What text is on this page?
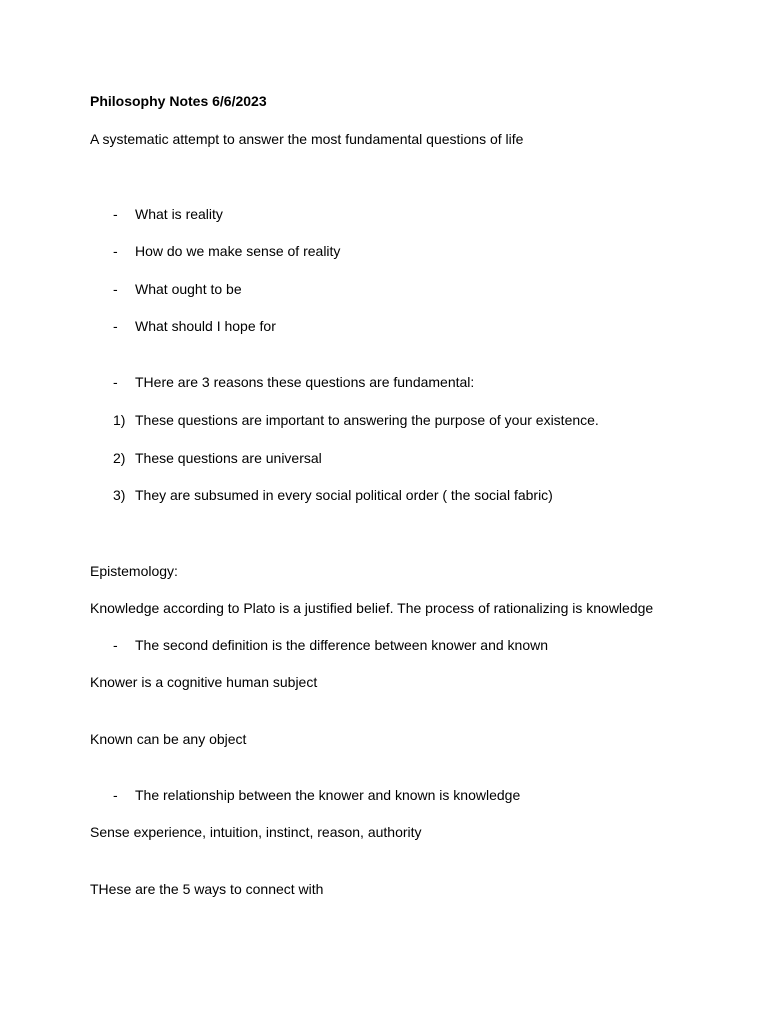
Philosophy Notes 6/6/2023
A systematic attempt to answer the most fundamental questions of life
- What is reality
- How do we make sense of reality
- What ought to be
- What should I hope for
- THere are 3 reasons these questions are fundamental:
1) These questions are important to answering the purpose of your existence.
2) These questions are universal
3) They are subsumed in every social political order ( the social fabric)
Epistemology:
Knowledge according to Plato is a justified belief. The process of rationalizing is knowledge
- The second definition is the difference between knower and known
Knower is a cognitive human subject
Known can be any object
- The relationship between the knower and known is knowledge
Sense experience, intuition, instinct, reason, authority
THese are the 5 ways to connect with
